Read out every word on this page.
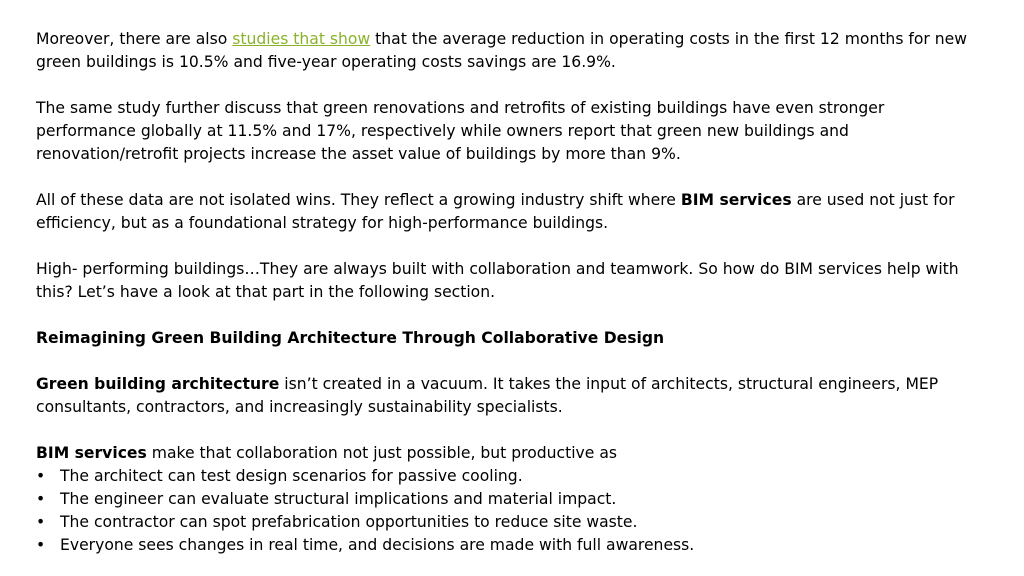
Moreover, there are also studies that show that the average reduction in operating costs in the first 12 months for new green buildings is 10.5% and five-year operating costs savings are 16.9%.

The same study further discuss that green renovations and retrofits of existing buildings have even stronger performance globally at 11.5% and 17%, respectively while owners report that green new buildings and renovation/retrofit projects increase the asset value of buildings by more than 9%.

All of these data are not isolated wins. They reflect a growing industry shift where BIM services are used not just for efficiency, but as a foundational strategy for high-performance buildings.

High- performing buildings…They are always built with collaboration and teamwork. So how do BIM services help with this? Let’s have a look at that part in the following section.

Reimagining Green Building Architecture Through Collaborative Design

Green building architecture isn’t created in a vacuum. It takes the input of architects, structural engineers, MEP consultants, contractors, and increasingly sustainability specialists.

BIM services make that collaboration not just possible, but productive as

• The architect can test design scenarios for passive cooling.
• The engineer can evaluate structural implications and material impact.
• The contractor can spot prefabrication opportunities to reduce site waste.
• Everyone sees changes in real time, and decisions are made with full awareness.
